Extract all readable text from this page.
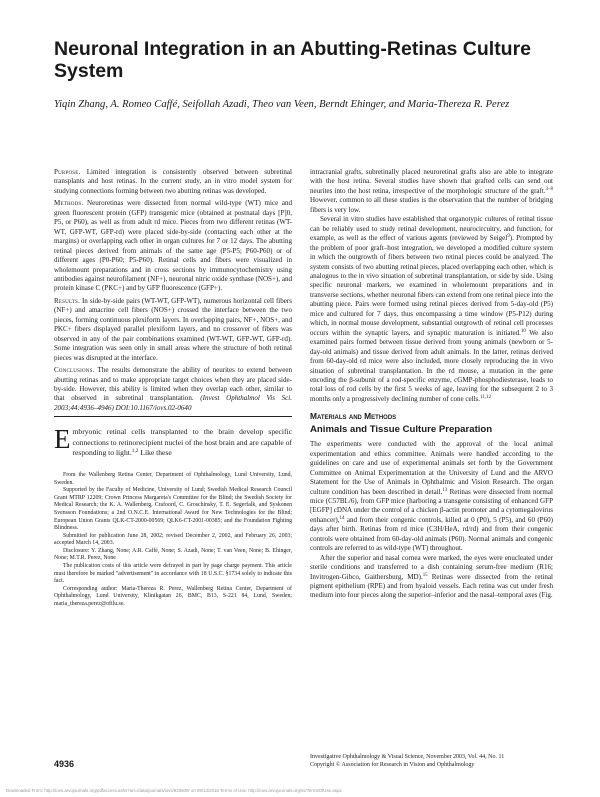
Neuronal Integration in an Abutting-Retinas Culture System
Yiqin Zhang, A. Romeo Caffé, Seifollah Azadi, Theo van Veen, Berndt Ehinger, and Maria-Thereza R. Perez

Purpose. Limited integration is consistently observed between subretinal transplants and host retinas. In the current study, an in vitro model system for studying connections forming between two abutting retinas was developed.

Methods. Neuroretinas were dissected from normal wild-type (WT) mice and green fluorescent protein (GFP) transgenic mice (obtained at postnatal days [P]0, P5, or P60), as well as from adult rd mice. Pieces from two different retinas (WT-WT, GFP-WT, GFP-rd) were placed side-by-side (contacting each other at the margins) or overlapping each other in organ cultures for 7 or 12 days. The abutting retinal pieces derived from animals of the same age (P5-P5; P60-P60) or of different ages (P0-P60; P5-P60). Retinal cells and fibers were visualized in wholemount preparations and in cross sections by immunocytochemistry using antibodies against neurofilament (NF+), neuronal nitric oxide synthase (NOS+), and protein kinase C (PKC+) and by GFP fluorescence (GFP+).

Results. In side-by-side pairs (WT-WT, GFP-WT), numerous horizontal cell fibers (NF+) and amacrine cell fibers (NOS+) crossed the interface between the two pieces, forming continuous plexiform layers. In overlapping pairs, NF+, NOS+, and PKC+ fibers displayed parallel plexiform layers, and no crossover of fibers was observed in any of the pair combinations examined (WT-WT, GFP-WT, GFP-rd). Some integration was seen only in small areas where the structure of both retinal pieces was disrupted at the interface.

Conclusions. The results demonstrate the ability of neurites to extend between abutting retinas and to make appropriate target choices when they are placed side-by-side. However, this ability is limited when they overlap each other, similar to that observed in subretinal transplantation. (Invest Ophthalmol Vis Sci. 2003;44:4936–4946) DOI:10.1167/iovs.02-0640

Embryonic retinal cells transplanted to the brain develop specific connections to retinorecipient nuclei of the host brain and are capable of responding to light.$^{1,2}$ Like these

From the Wallenberg Retina Center, Department of Ophthalmology, Lund University, Lund, Sweden.

Supported by the Faculty of Medicine, University of Lund; Swedish Medical Research Council Grant MTRP 12209; Crown Princess Margareta's Committee for the Blind; the Swedish Society for Medical Research; the K. A. Wallenberg, Crafoord, C. Groschinsky, T. E. Segerfalk, and Syskonen Svensson Foundations; a 2nd O.N.C.E. International Award for New Technologies for the Blind; European Union Grants QLK-CT-2000-00569; QLK6-CT-2001-00385; and the Foundation Fighting Blindness.

Submitted for publication June 28, 2002; revised December 2, 2002, and February 26, 2003; accepted March 14, 2003.

Disclosure: Y. Zhang, None; A.R. Caffé, None; S. Azadi, None; T. van Veen, None; B. Ehinger, None; M.T.R. Perez, None

The publication costs of this article were defrayed in part by page charge payment. This article must therefore be marked "advertisement" in accordance with 18 U.S.C. §1734 solely to indicate this fact.

Corresponding author: Maria-Thereza R. Perez, Wallenberg Retina Center, Department of Ophthalmology, Lund University, Klinikgatan 26, BMC, B13, S-221 84, Lund, Sweden; maria_thereza.perez@oftlu.se.

intracranial grafts, subretinally placed neuroretinal grafts also are able to integrate with the host retina. Several studies have shown that grafted cells can send out neurites into the host retina, irrespective of the morphologic structure of the graft.$^{3-8}$ However, common to all these studies is the observation that the number of bridging fibers is very low.

Several in vitro studies have established that organotypic cultures of retinal tissue can be reliably used to study retinal development, neurocircuitry, and function, for example, as well as the effect of various agents (reviewed by Seigel$^9$). Prompted by the problem of poor graft–host integration, we developed a modified culture system in which the outgrowth of fibers between two retinal pieces could be analyzed. The system consists of two abutting retinal pieces, placed overlapping each other, which is analogous to the in vivo situation of subretinal transplantation, or side by side. Using specific neuronal markers, we examined in wholemount preparations and in transverse sections, whether neuronal fibers can extend from one retinal piece into the abutting piece. Pairs were formed using retinal pieces derived from 5-day-old (P5) mice and cultured for 7 days, thus encompassing a time window (P5-P12) during which, in normal mouse development, substantial outgrowth of retinal cell processes occurs within the synaptic layers, and synaptic maturation is initiated.$^{10}$ We also examined pairs formed between tissue derived from young animals (newborn or 5-day-old animals) and tissue derived from adult animals. In the latter, retinas derived from 60-day-old rd mice were also included, more closely reproducing the in vivo situation of subretinal transplantation. In the rd mouse, a mutation in the gene encoding the β-subunit of a rod-specific enzyme, cGMP-phosphodiesterase, leads to total loss of rod cells by the first 5 weeks of age, leaving for the subsequent 2 to 3 months only a progressively declining number of cone cells.$^{11,12}$

Materials and Methods

Animals and Tissue Culture Preparation

The experiments were conducted with the approval of the local animal experimentation and ethics committee. Animals were handled according to the guidelines on care and use of experimental animals set forth by the Government Committee on Animal Experimentation at the University of Lund and the ARVO Statement for the Use of Animals in Ophthalmic and Vision Research. The organ culture condition has been described in detail.$^{13}$ Retinas were dissected from normal mice (C57BL/6), from GFP mice (harboring a transgene consisting of enhanced GFP [EGFP] cDNA under the control of a chicken β-actin promoter and a cytomegalovirus enhancer),$^{14}$ and from their congenic controls, killed at 0 (P0), 5 (P5), and 60 (P60) days after birth. Retinas from rd mice (C3H/HeA, rd/rd) and from their congenic controls were obtained from 60-day-old animals (P60). Normal animals and congenic controls are referred to as wild-type (WT) throughout.

After the superior and nasal cornea were marked, the eyes were enucleated under sterile conditions and transferred to a dish containing serum-free medium (R16; Invitrogen-Gibco, Gaithersburg, MD).$^{15}$ Retinas were dissected from the retinal pigment epithelium (RPE) and from hyaloid vessels. Each retina was cut under fresh medium into four pieces along the superior–inferior and the nasal–temporal axes (Fig.

4936
Investigative Ophthalmology & Visual Science, November 2003, Vol. 44, No. 11
Copyright © Association for Research in Vision and Ophthalmology
Downloaded From: http://iovs.arvojournals.org/pdfaccess.ashx?url=/data/journals/iovs/933509/ on 09/13/2016 Terms of Use: http://iovs.arvojournals.org/ss/TermsOfUse.aspx
